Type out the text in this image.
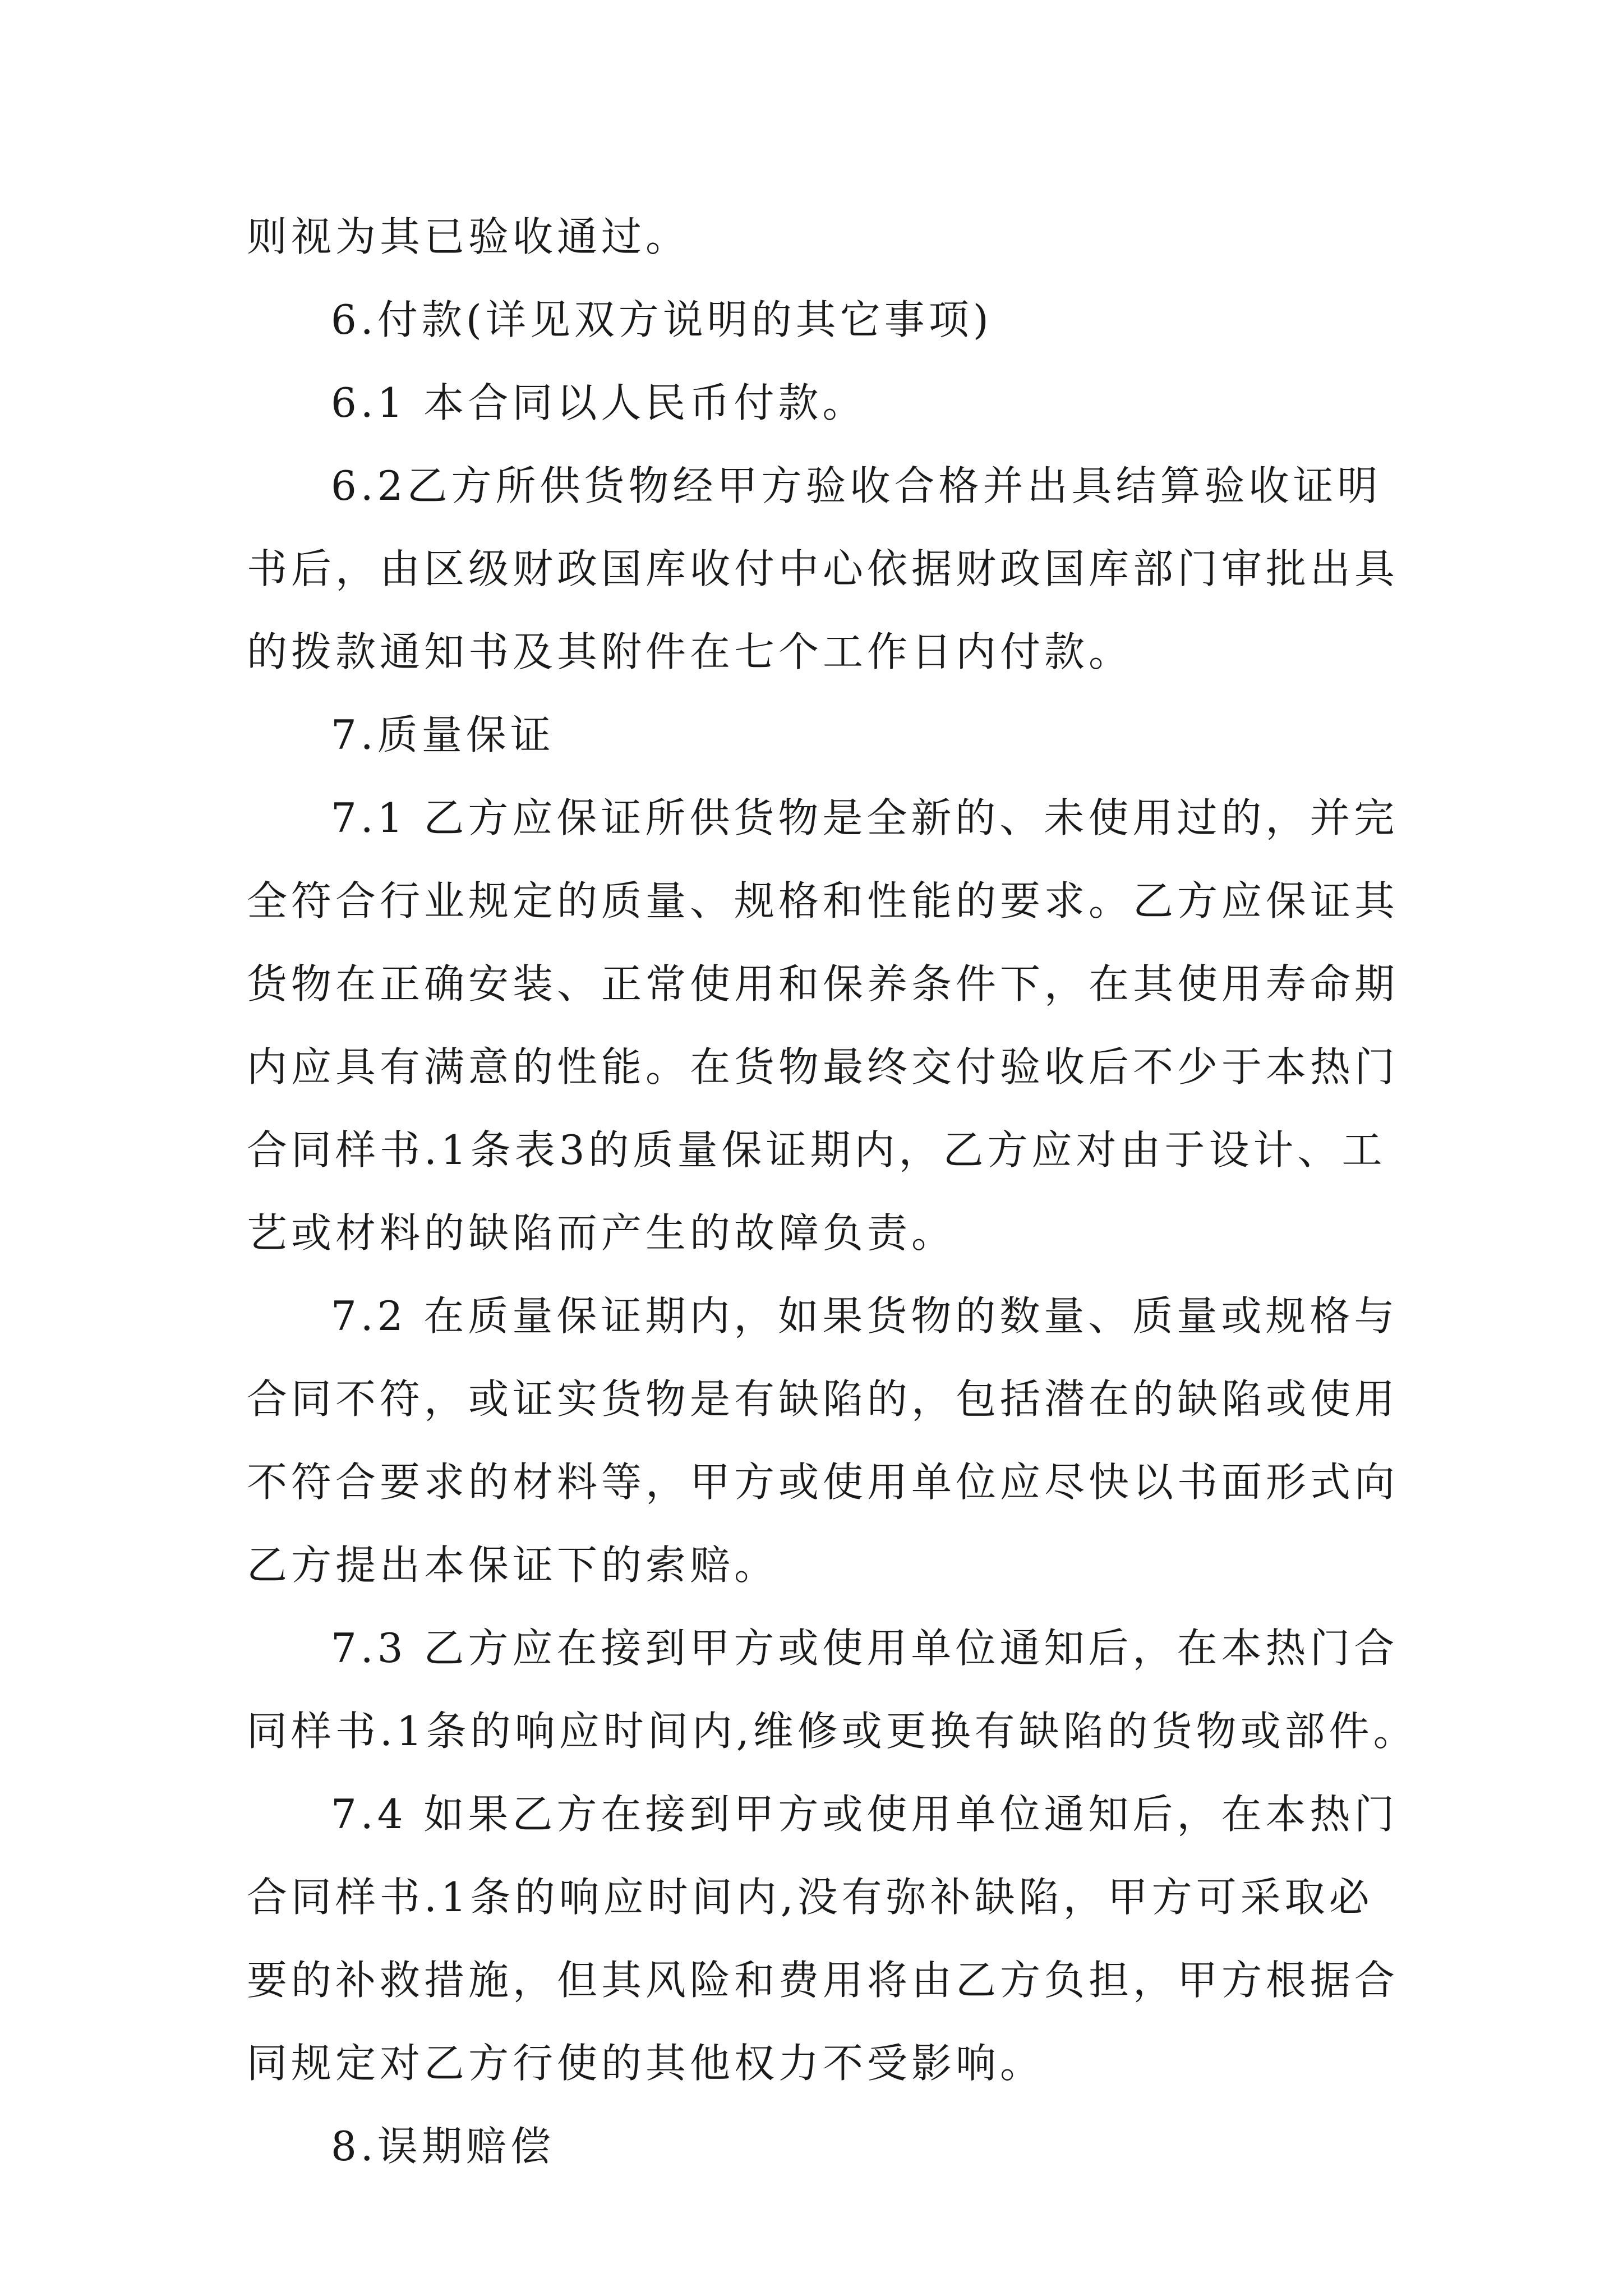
则视为其已验收通过。
6.付款(详见双方说明的其它事项)
6.1 本合同以人民币付款。
6.2乙方所供货物经甲方验收合格并出具结算验收证明
书后，由区级财政国库收付中心依据财政国库部门审批出具
的拨款通知书及其附件在七个工作日内付款。
7.质量保证
7.1 乙方应保证所供货物是全新的、未使用过的，并完
全符合行业规定的质量、规格和性能的要求。乙方应保证其
货物在正确安装、正常使用和保养条件下，在其使用寿命期
内应具有满意的性能。在货物最终交付验收后不少于本热门
合同样书.1条表3的质量保证期内，乙方应对由于设计、工
艺或材料的缺陷而产生的故障负责。
7.2 在质量保证期内，如果货物的数量、质量或规格与
合同不符，或证实货物是有缺陷的，包括潜在的缺陷或使用
不符合要求的材料等，甲方或使用单位应尽快以书面形式向
乙方提出本保证下的索赔。
7.3 乙方应在接到甲方或使用单位通知后，在本热门合
同样书.1条的响应时间内,维修或更换有缺陷的货物或部件。
7.4 如果乙方在接到甲方或使用单位通知后，在本热门
合同样书.1条的响应时间内,没有弥补缺陷，甲方可采取必
要的补救措施，但其风险和费用将由乙方负担，甲方根据合
同规定对乙方行使的其他权力不受影响。
8.误期赔偿
